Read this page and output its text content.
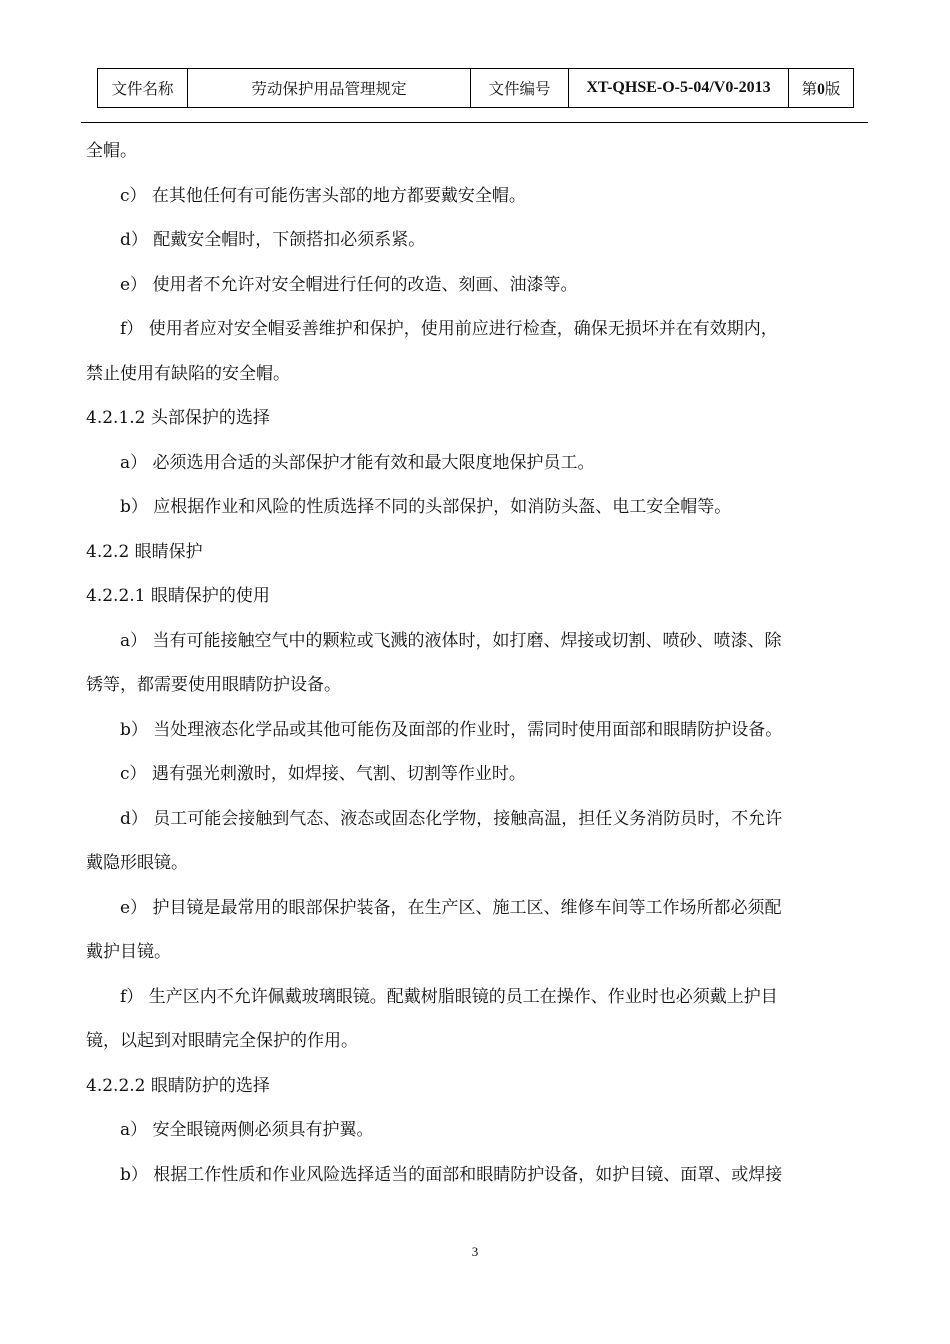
文件名称	劳动保护用品管理规定	文件编号	XT-QHSE-O-5-04/V0-2013	第0版
全帽。
c） 在其他任何有可能伤害头部的地方都要戴安全帽。
d） 配戴安全帽时，下颌搭扣必须系紧。
e） 使用者不允许对安全帽进行任何的改造、刻画、油漆等。
f） 使用者应对安全帽妥善维护和保护，使用前应进行检查，确保无损坏并在有效期内，
禁止使用有缺陷的安全帽。
4.2.1.2 头部保护的选择
a） 必须选用合适的头部保护才能有效和最大限度地保护员工。
b） 应根据作业和风险的性质选择不同的头部保护，如消防头盔、电工安全帽等。
4.2.2 眼睛保护
4.2.2.1 眼睛保护的使用
a） 当有可能接触空气中的颗粒或飞溅的液体时，如打磨、焊接或切割、喷砂、喷漆、除
锈等，都需要使用眼睛防护设备。
b） 当处理液态化学品或其他可能伤及面部的作业时，需同时使用面部和眼睛防护设备。
c） 遇有强光刺激时，如焊接、气割、切割等作业时。
d） 员工可能会接触到气态、液态或固态化学物，接触高温，担任义务消防员时，不允许
戴隐形眼镜。
e） 护目镜是最常用的眼部保护装备，在生产区、施工区、维修车间等工作场所都必须配
戴护目镜。
f） 生产区内不允许佩戴玻璃眼镜。配戴树脂眼镜的员工在操作、作业时也必须戴上护目
镜，以起到对眼睛完全保护的作用。
4.2.2.2 眼睛防护的选择
a） 安全眼镜两侧必须具有护翼。
b） 根据工作性质和作业风险选择适当的面部和眼睛防护设备，如护目镜、面罩、或焊接
3
